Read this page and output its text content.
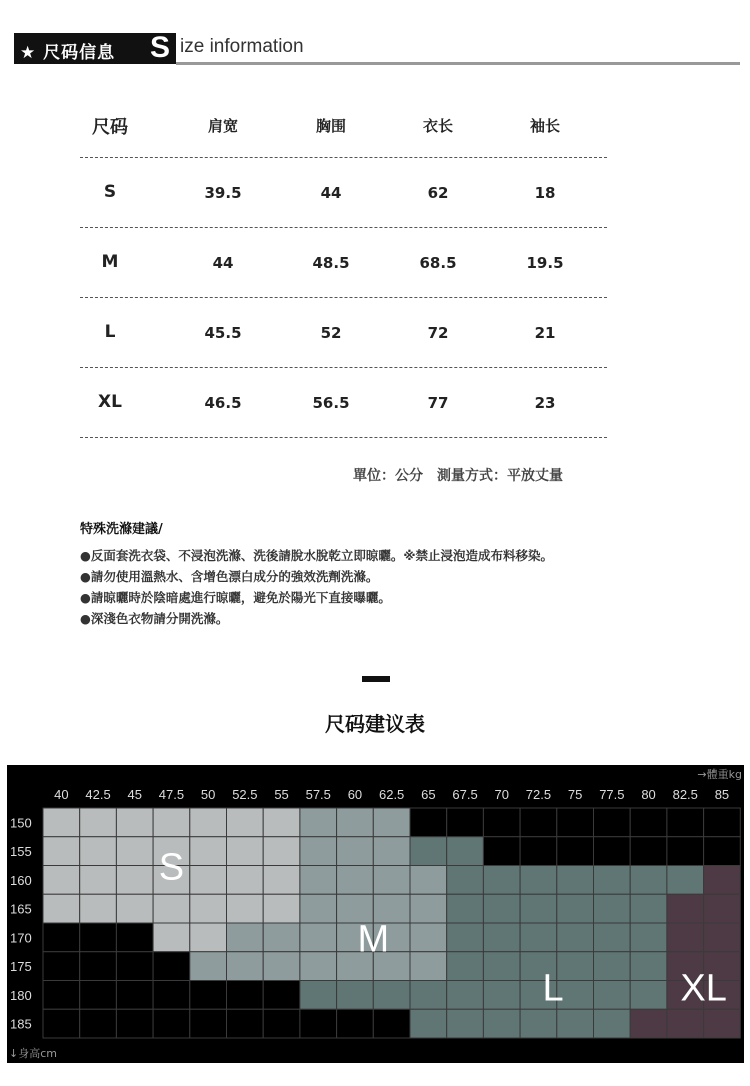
★ 尺码信息 S ize information
尺码	肩宽	胸围	衣长	袖长
S	39.5	44	62	18
M	44	48.5	68.5	19.5
L	45.5	52	72	21
XL	46.5	56.5	77	23
單位：公分　測量方式：平放丈量
特殊洗滌建議/
●反面套洗衣袋、不浸泡洗滌、洗後請脫水脫乾立即晾曬。※禁止浸泡造成布料移染。
●請勿使用溫熱水、含增色漂白成分的強效洗劑洗滌。
●請晾曬時於陰暗處進行晾曬，避免於陽光下直接曝曬。
●深淺色衣物請分開洗滌。
尺码建议表
40 42.5 45 47.5 50 52.5 55 57.5 60 62.5 65 67.5 70 72.5 75 77.5 80 82.5 85
150
155
160
165
170
175
180
185
→體重kg
↓身高cm
S
M
L	XL
